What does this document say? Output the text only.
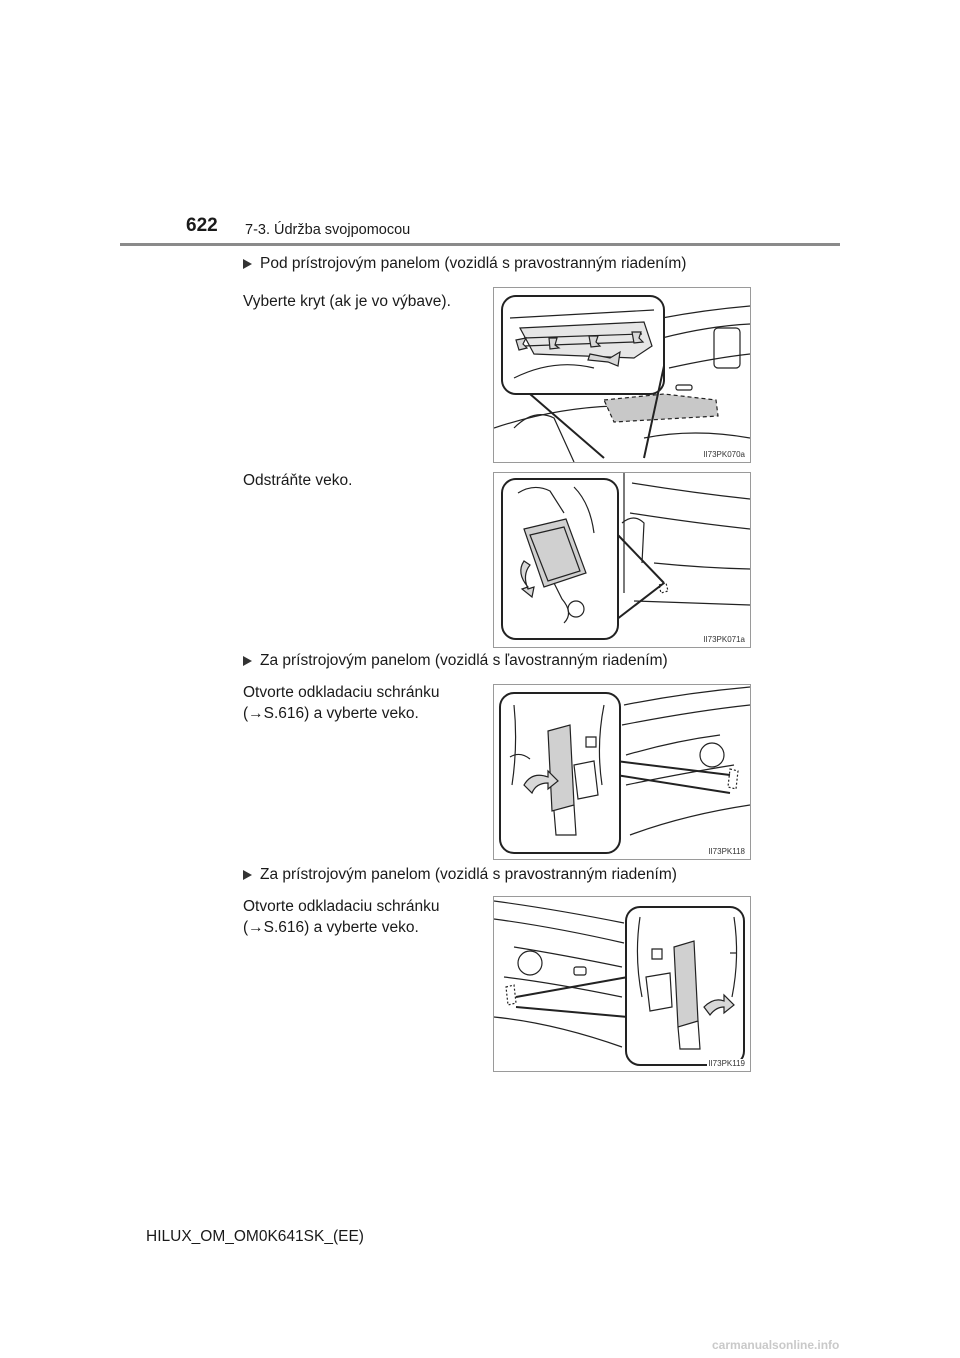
622 7-3. Údržba svojpomocou
Pod prístrojovým panelom (vozidlá s pravostranným riadením)
Vyberte kryt (ak je vo výbave).
II73PK070a
Odstráňte veko.
II73PK071a
Za prístrojovým panelom (vozidlá s ľavostranným riadením)
Otvorte odkladaciu schránku
(→S.616) a vyberte veko.
II73PK118
Za prístrojovým panelom (vozidlá s pravostranným riadením)
Otvorte odkladaciu schránku
(→S.616) a vyberte veko.
II73PK119
HILUX_OM_OM0K641SK_(EE)
carmanualsonline.info
